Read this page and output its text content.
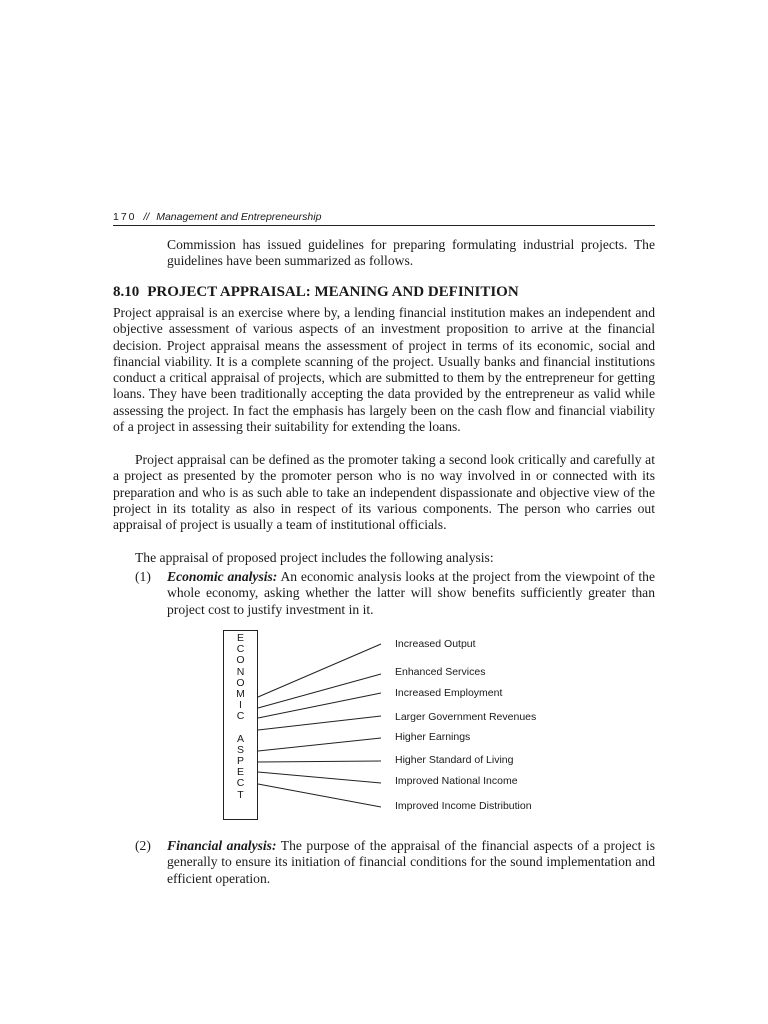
170 // Management and Entrepreneurship
Commission has issued guidelines for preparing formulating industrial projects. The guidelines have been summarized as follows.
8.10 PROJECT APPRAISAL: MEANING AND DEFINITION
Project appraisal is an exercise where by, a lending financial institution makes an independent and objective assessment of various aspects of an investment proposition to arrive at the financial decision. Project appraisal means the assessment of project in terms of its economic, social and financial viability. It is a complete scanning of the project. Usually banks and financial institutions conduct a critical appraisal of projects, which are submitted to them by the entrepreneur for getting loans. They have been traditionally accepting the data provided by the entrepreneur as valid while assessing the project. In fact the emphasis has largely been on the cash flow and financial viability of a project in assessing their suitability for extending the loans.
Project appraisal can be defined as the promoter taking a second look critically and carefully at a project as presented by the promoter person who is no way involved in or connected with its preparation and who is as such able to take an independent dispassionate and objective view of the project in its totality as also in respect of its various components. The person who carries out appraisal of project is usually a team of institutional officials.
The appraisal of proposed project includes the following analysis:
(1) Economic analysis: An economic analysis looks at the project from the viewpoint of the whole economy, asking whether the latter will show benefits sufficiently greater than project cost to justify investment in it.
E
C
O
N
O
M
I
C
A
S
P
E
C
T
Increased Output
Enhanced Services
Increased Employment
Larger Government Revenues
Higher Earnings
Higher Standard of Living
Improved National Income
Improved Income Distribution
(2) Financial analysis: The purpose of the appraisal of the financial aspects of a project is generally to ensure its initiation of financial conditions for the sound implementation and efficient operation.
